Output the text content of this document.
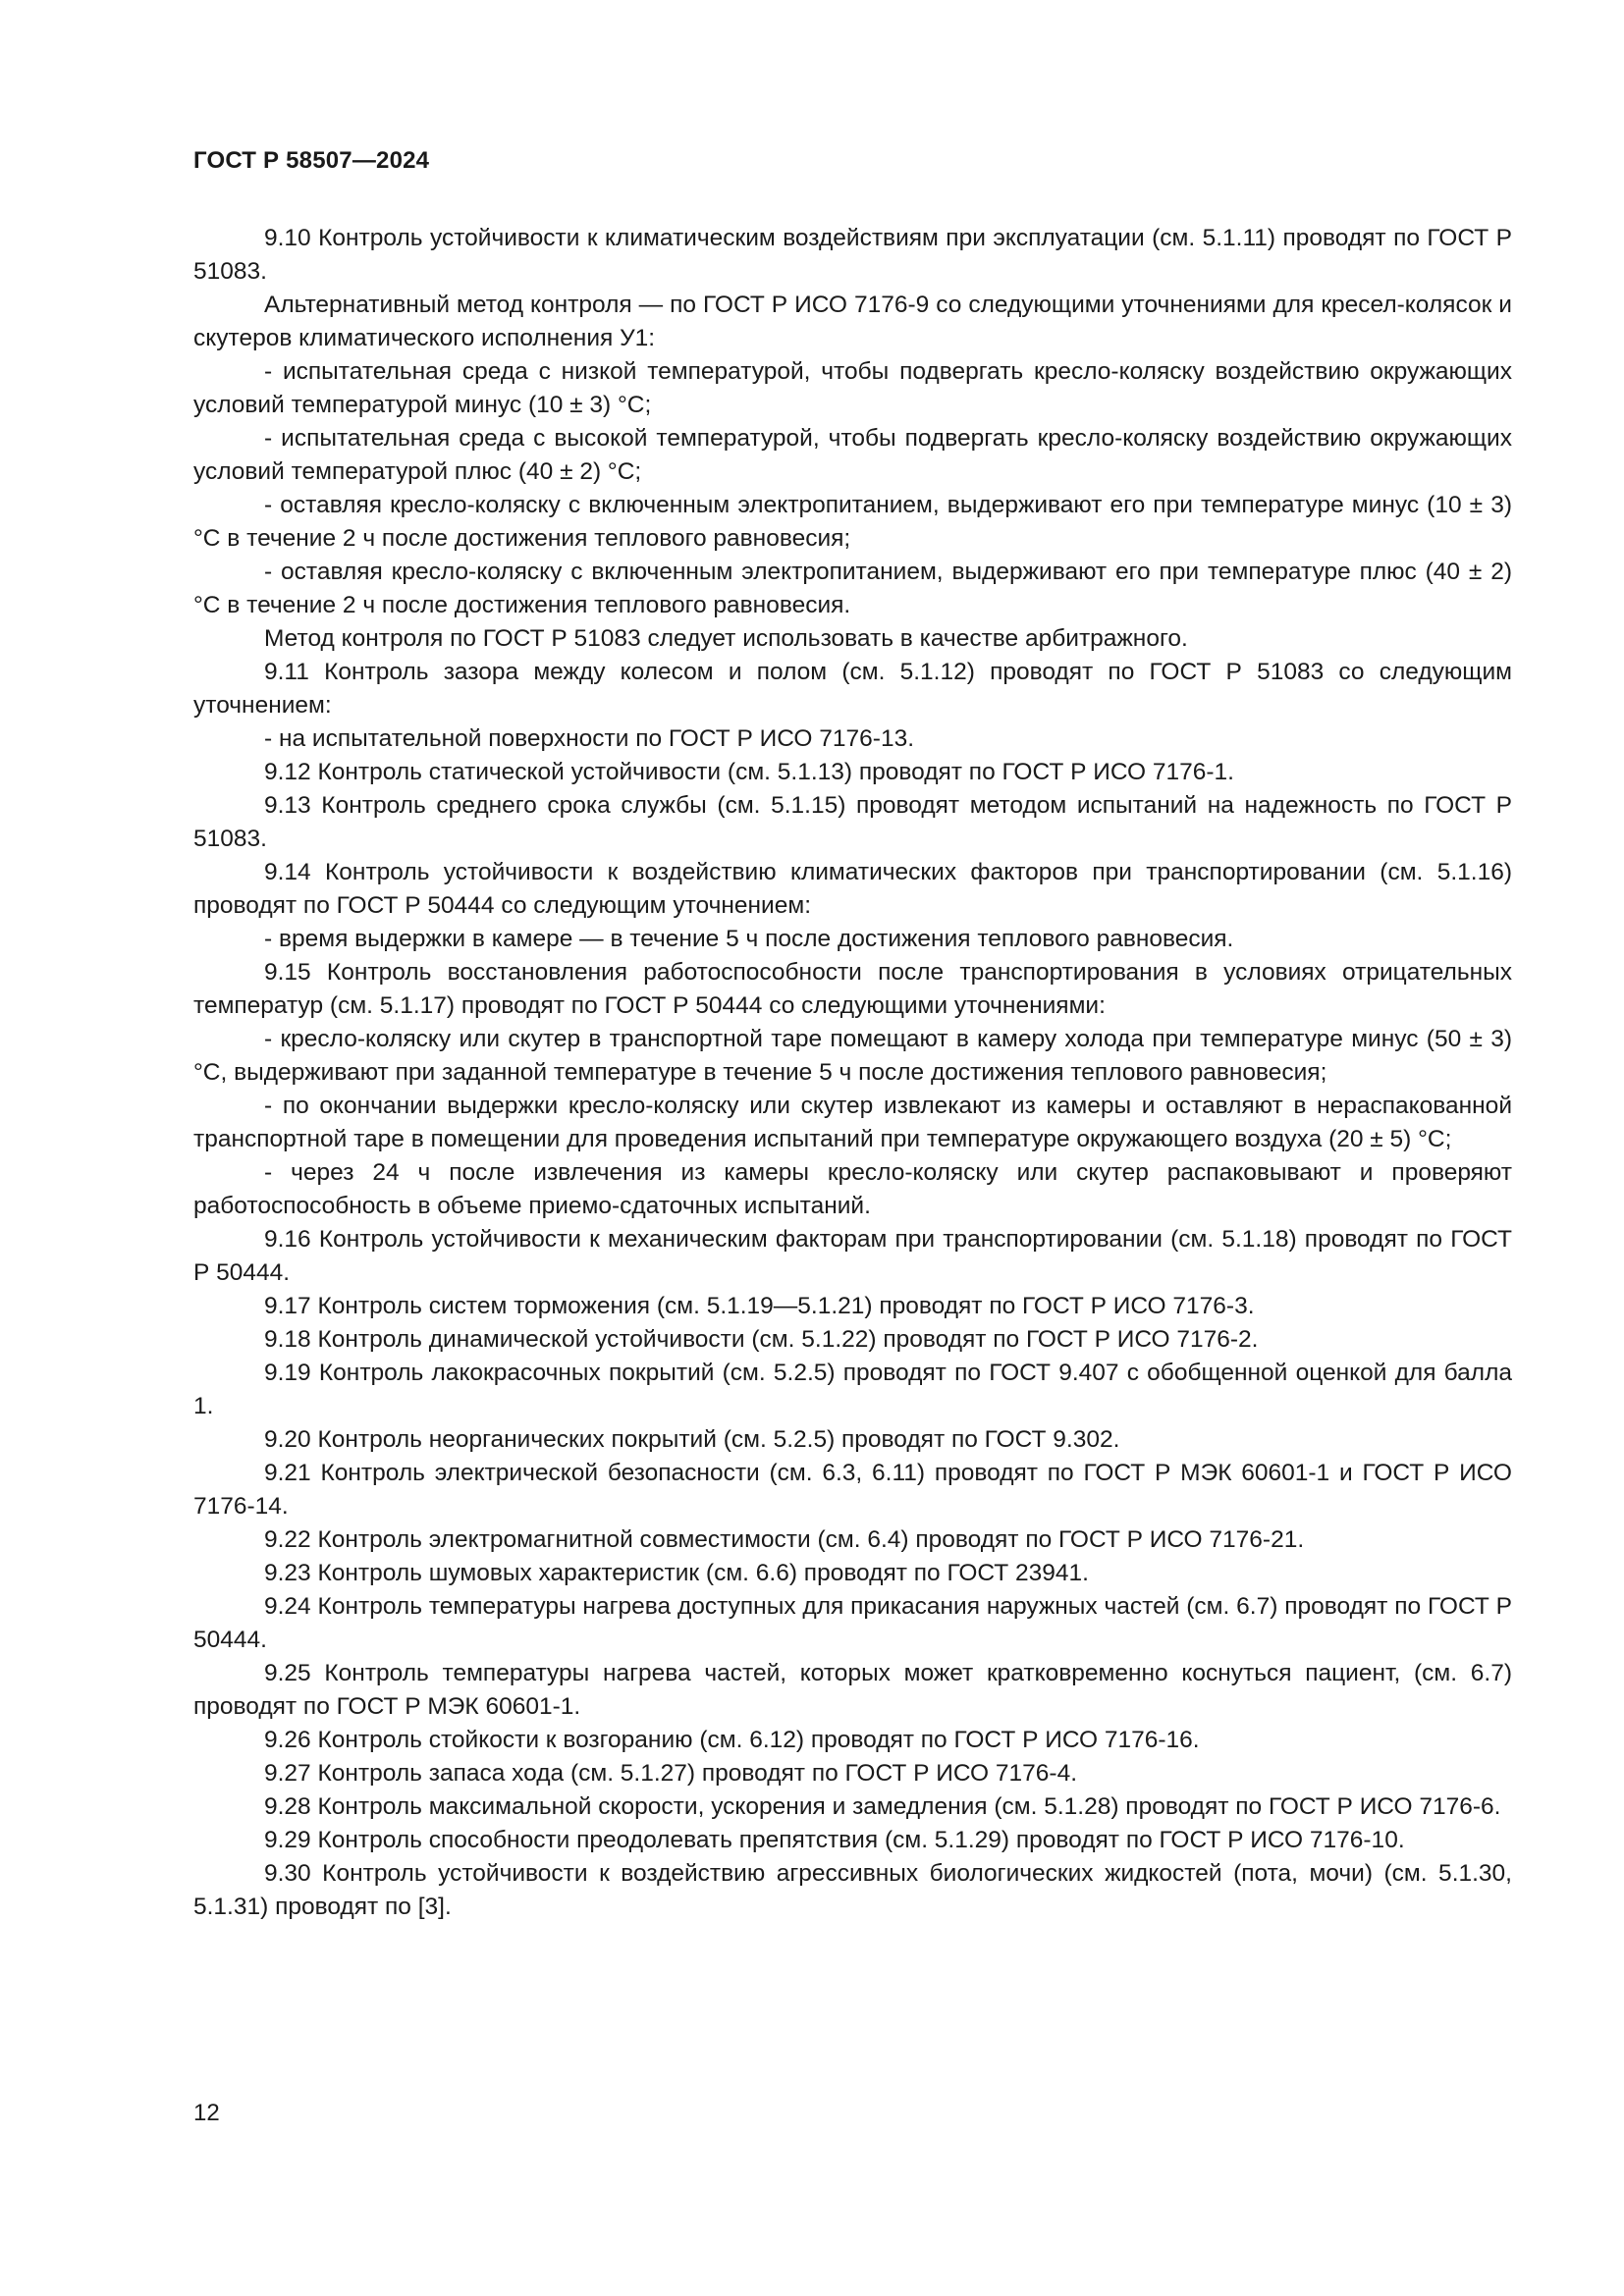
ГОСТ Р 58507—2024

9.10 Контроль устойчивости к климатическим воздействиям при эксплуатации (см. 5.1.11) проводят по ГОСТ Р 51083.

Альтернативный метод контроля — по ГОСТ Р ИСО 7176-9 со следующими уточнениями для кресел-колясок и скутеров климатического исполнения У1:

- испытательная среда с низкой температурой, чтобы подвергать кресло-коляску воздействию окружающих условий температурой минус (10 ± 3) °С;

- испытательная среда с высокой температурой, чтобы подвергать кресло-коляску воздействию окружающих условий температурой плюс (40 ± 2) °С;

- оставляя кресло-коляску с включенным электропитанием, выдерживают его при температуре минус (10 ± 3) °С в течение 2 ч после достижения теплового равновесия;

- оставляя кресло-коляску с включенным электропитанием, выдерживают его при температуре плюс (40 ± 2) °С в течение 2 ч после достижения теплового равновесия.

Метод контроля по ГОСТ Р 51083 следует использовать в качестве арбитражного.

9.11 Контроль зазора между колесом и полом (см. 5.1.12) проводят по ГОСТ Р 51083 со следующим уточнением:

- на испытательной поверхности по ГОСТ Р ИСО 7176-13.

9.12 Контроль статической устойчивости (см. 5.1.13) проводят по ГОСТ Р ИСО 7176-1.

9.13 Контроль среднего срока службы (см. 5.1.15) проводят методом испытаний на надежность по ГОСТ Р 51083.

9.14 Контроль устойчивости к воздействию климатических факторов при транспортировании (см. 5.1.16) проводят по ГОСТ Р 50444 со следующим уточнением:

- время выдержки в камере — в течение 5 ч после достижения теплового равновесия.

9.15 Контроль восстановления работоспособности после транспортирования в условиях отрицательных температур (см. 5.1.17) проводят по ГОСТ Р 50444 со следующими уточнениями:

- кресло-коляску или скутер в транспортной таре помещают в камеру холода при температуре минус (50 ± 3) °С, выдерживают при заданной температуре в течение 5 ч после достижения теплового равновесия;

- по окончании выдержки кресло-коляску или скутер извлекают из камеры и оставляют в нераспакованной транспортной таре в помещении для проведения испытаний при температуре окружающего воздуха (20 ± 5) °С;

- через 24 ч после извлечения из камеры кресло-коляску или скутер распаковывают и проверяют работоспособность в объеме приемо-сдаточных испытаний.

9.16 Контроль устойчивости к механическим факторам при транспортировании (см. 5.1.18) проводят по ГОСТ Р 50444.

9.17 Контроль систем торможения (см. 5.1.19—5.1.21) проводят по ГОСТ Р ИСО 7176-3.

9.18 Контроль динамической устойчивости (см. 5.1.22) проводят по ГОСТ Р ИСО 7176-2.

9.19 Контроль лакокрасочных покрытий (см. 5.2.5) проводят по ГОСТ 9.407 с обобщенной оценкой для балла 1.

9.20 Контроль неорганических покрытий (см. 5.2.5) проводят по ГОСТ 9.302.

9.21 Контроль электрической безопасности (см. 6.3, 6.11) проводят по ГОСТ Р МЭК 60601-1 и ГОСТ Р ИСО 7176-14.

9.22 Контроль электромагнитной совместимости (см. 6.4) проводят по ГОСТ Р ИСО 7176-21.

9.23 Контроль шумовых характеристик (см. 6.6) проводят по ГОСТ 23941.

9.24 Контроль температуры нагрева доступных для прикасания наружных частей (см. 6.7) проводят по ГОСТ Р 50444.

9.25 Контроль температуры нагрева частей, которых может кратковременно коснуться пациент, (см. 6.7) проводят по ГОСТ Р МЭК 60601-1.

9.26 Контроль стойкости к возгоранию (см. 6.12) проводят по ГОСТ Р ИСО 7176-16.

9.27 Контроль запаса хода (см. 5.1.27) проводят по ГОСТ Р ИСО 7176-4.

9.28 Контроль максимальной скорости, ускорения и замедления (см. 5.1.28) проводят по ГОСТ Р ИСО 7176-6.

9.29 Контроль способности преодолевать препятствия (см. 5.1.29) проводят по ГОСТ Р ИСО 7176-10.

9.30 Контроль устойчивости к воздействию агрессивных биологических жидкостей (пота, мочи) (см. 5.1.30, 5.1.31) проводят по [3].

12
